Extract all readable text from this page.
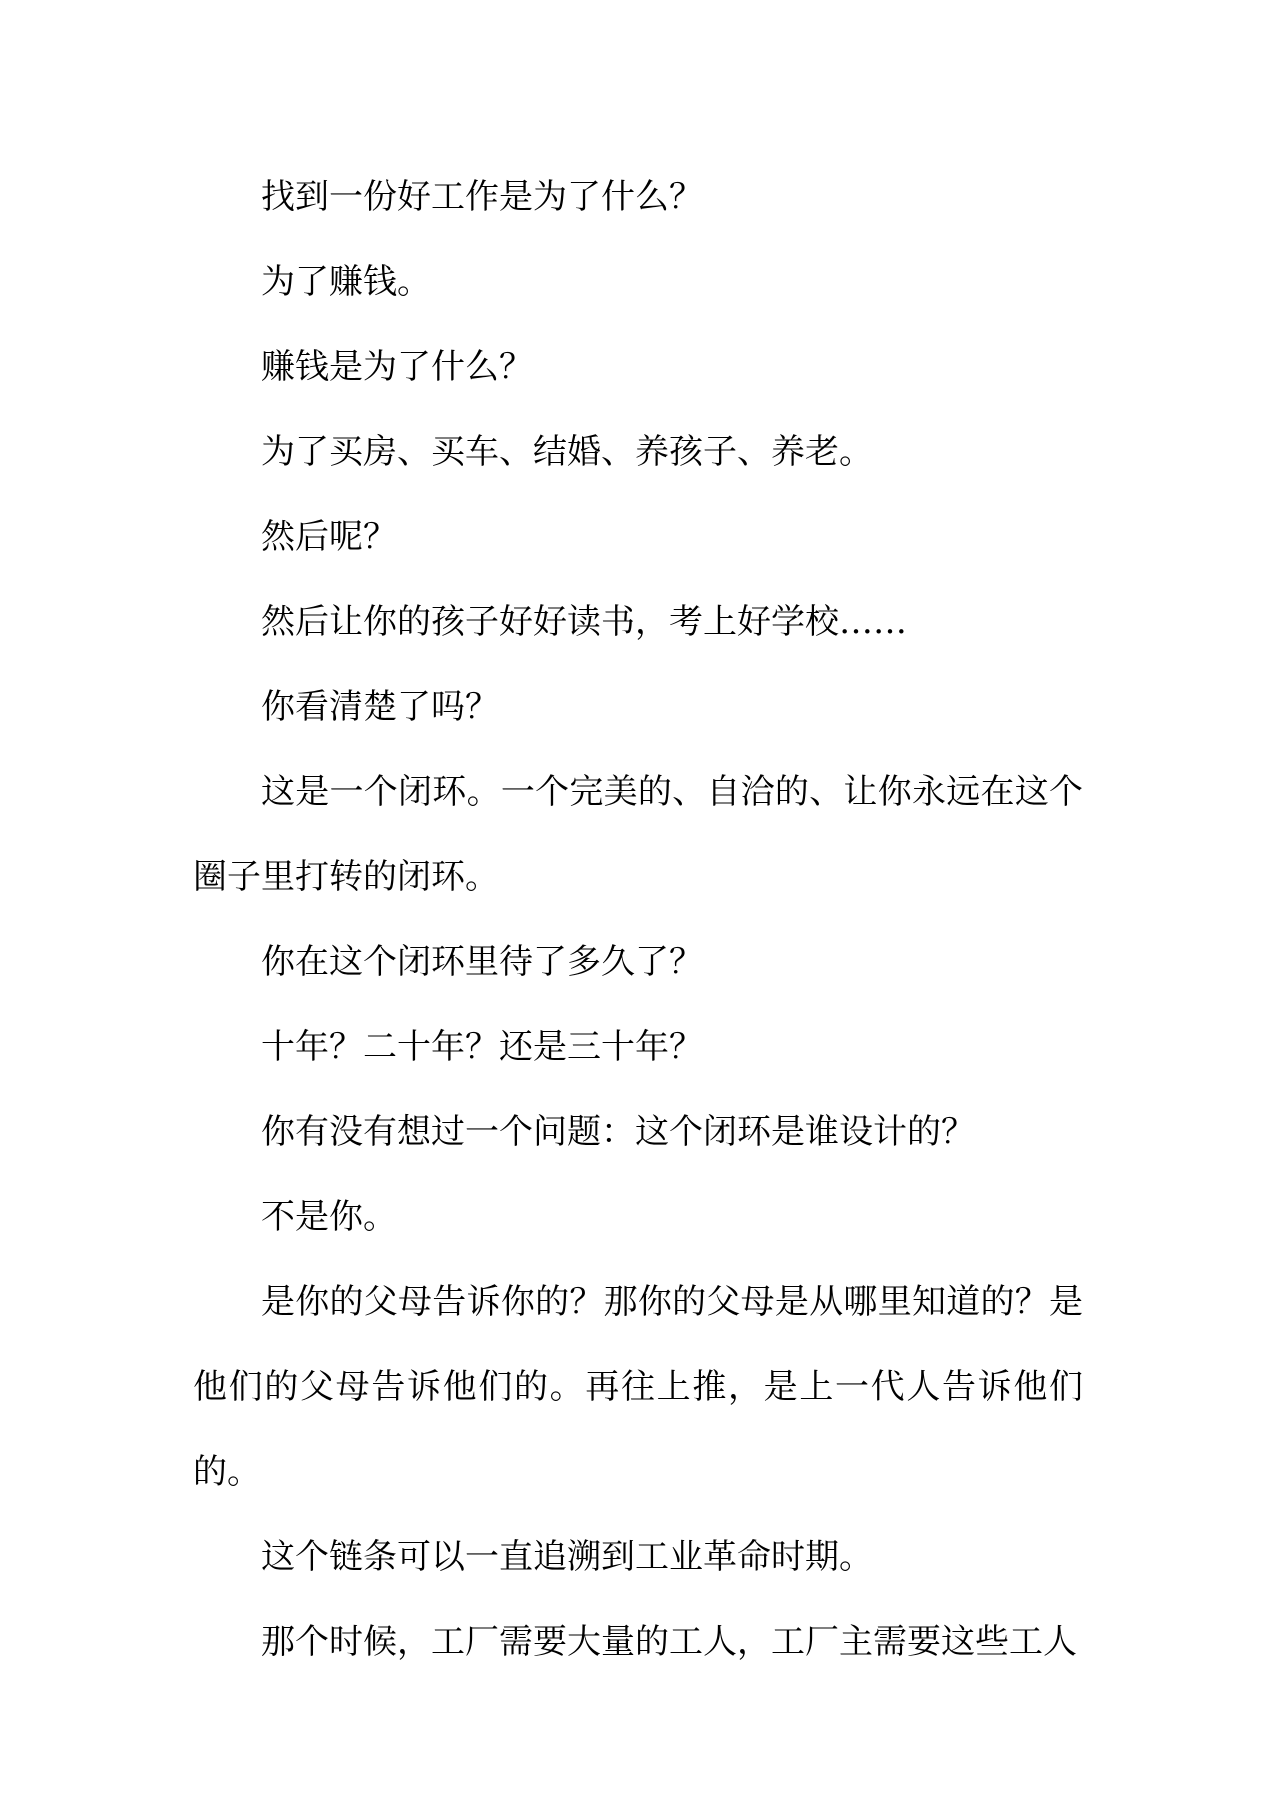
找到一份好工作是为了什么？

为了赚钱。

赚钱是为了什么？

为了买房、买车、结婚、养孩子、养老。

然后呢？

然后让你的孩子好好读书，考上好学校……

你看清楚了吗？

这是一个闭环。一个完美的、自洽的、让你永远在这个圈子里打转的闭环。

你在这个闭环里待了多久了？

十年？二十年？还是三十年？

你有没有想过一个问题：这个闭环是谁设计的？

不是你。

是你的父母告诉你的？那你的父母是从哪里知道的？是他们的父母告诉他们的。再往上推，是上一代人告诉他们的。

这个链条可以一直追溯到工业革命时期。

那个时候，工厂需要大量的工人，工厂主需要这些工人
